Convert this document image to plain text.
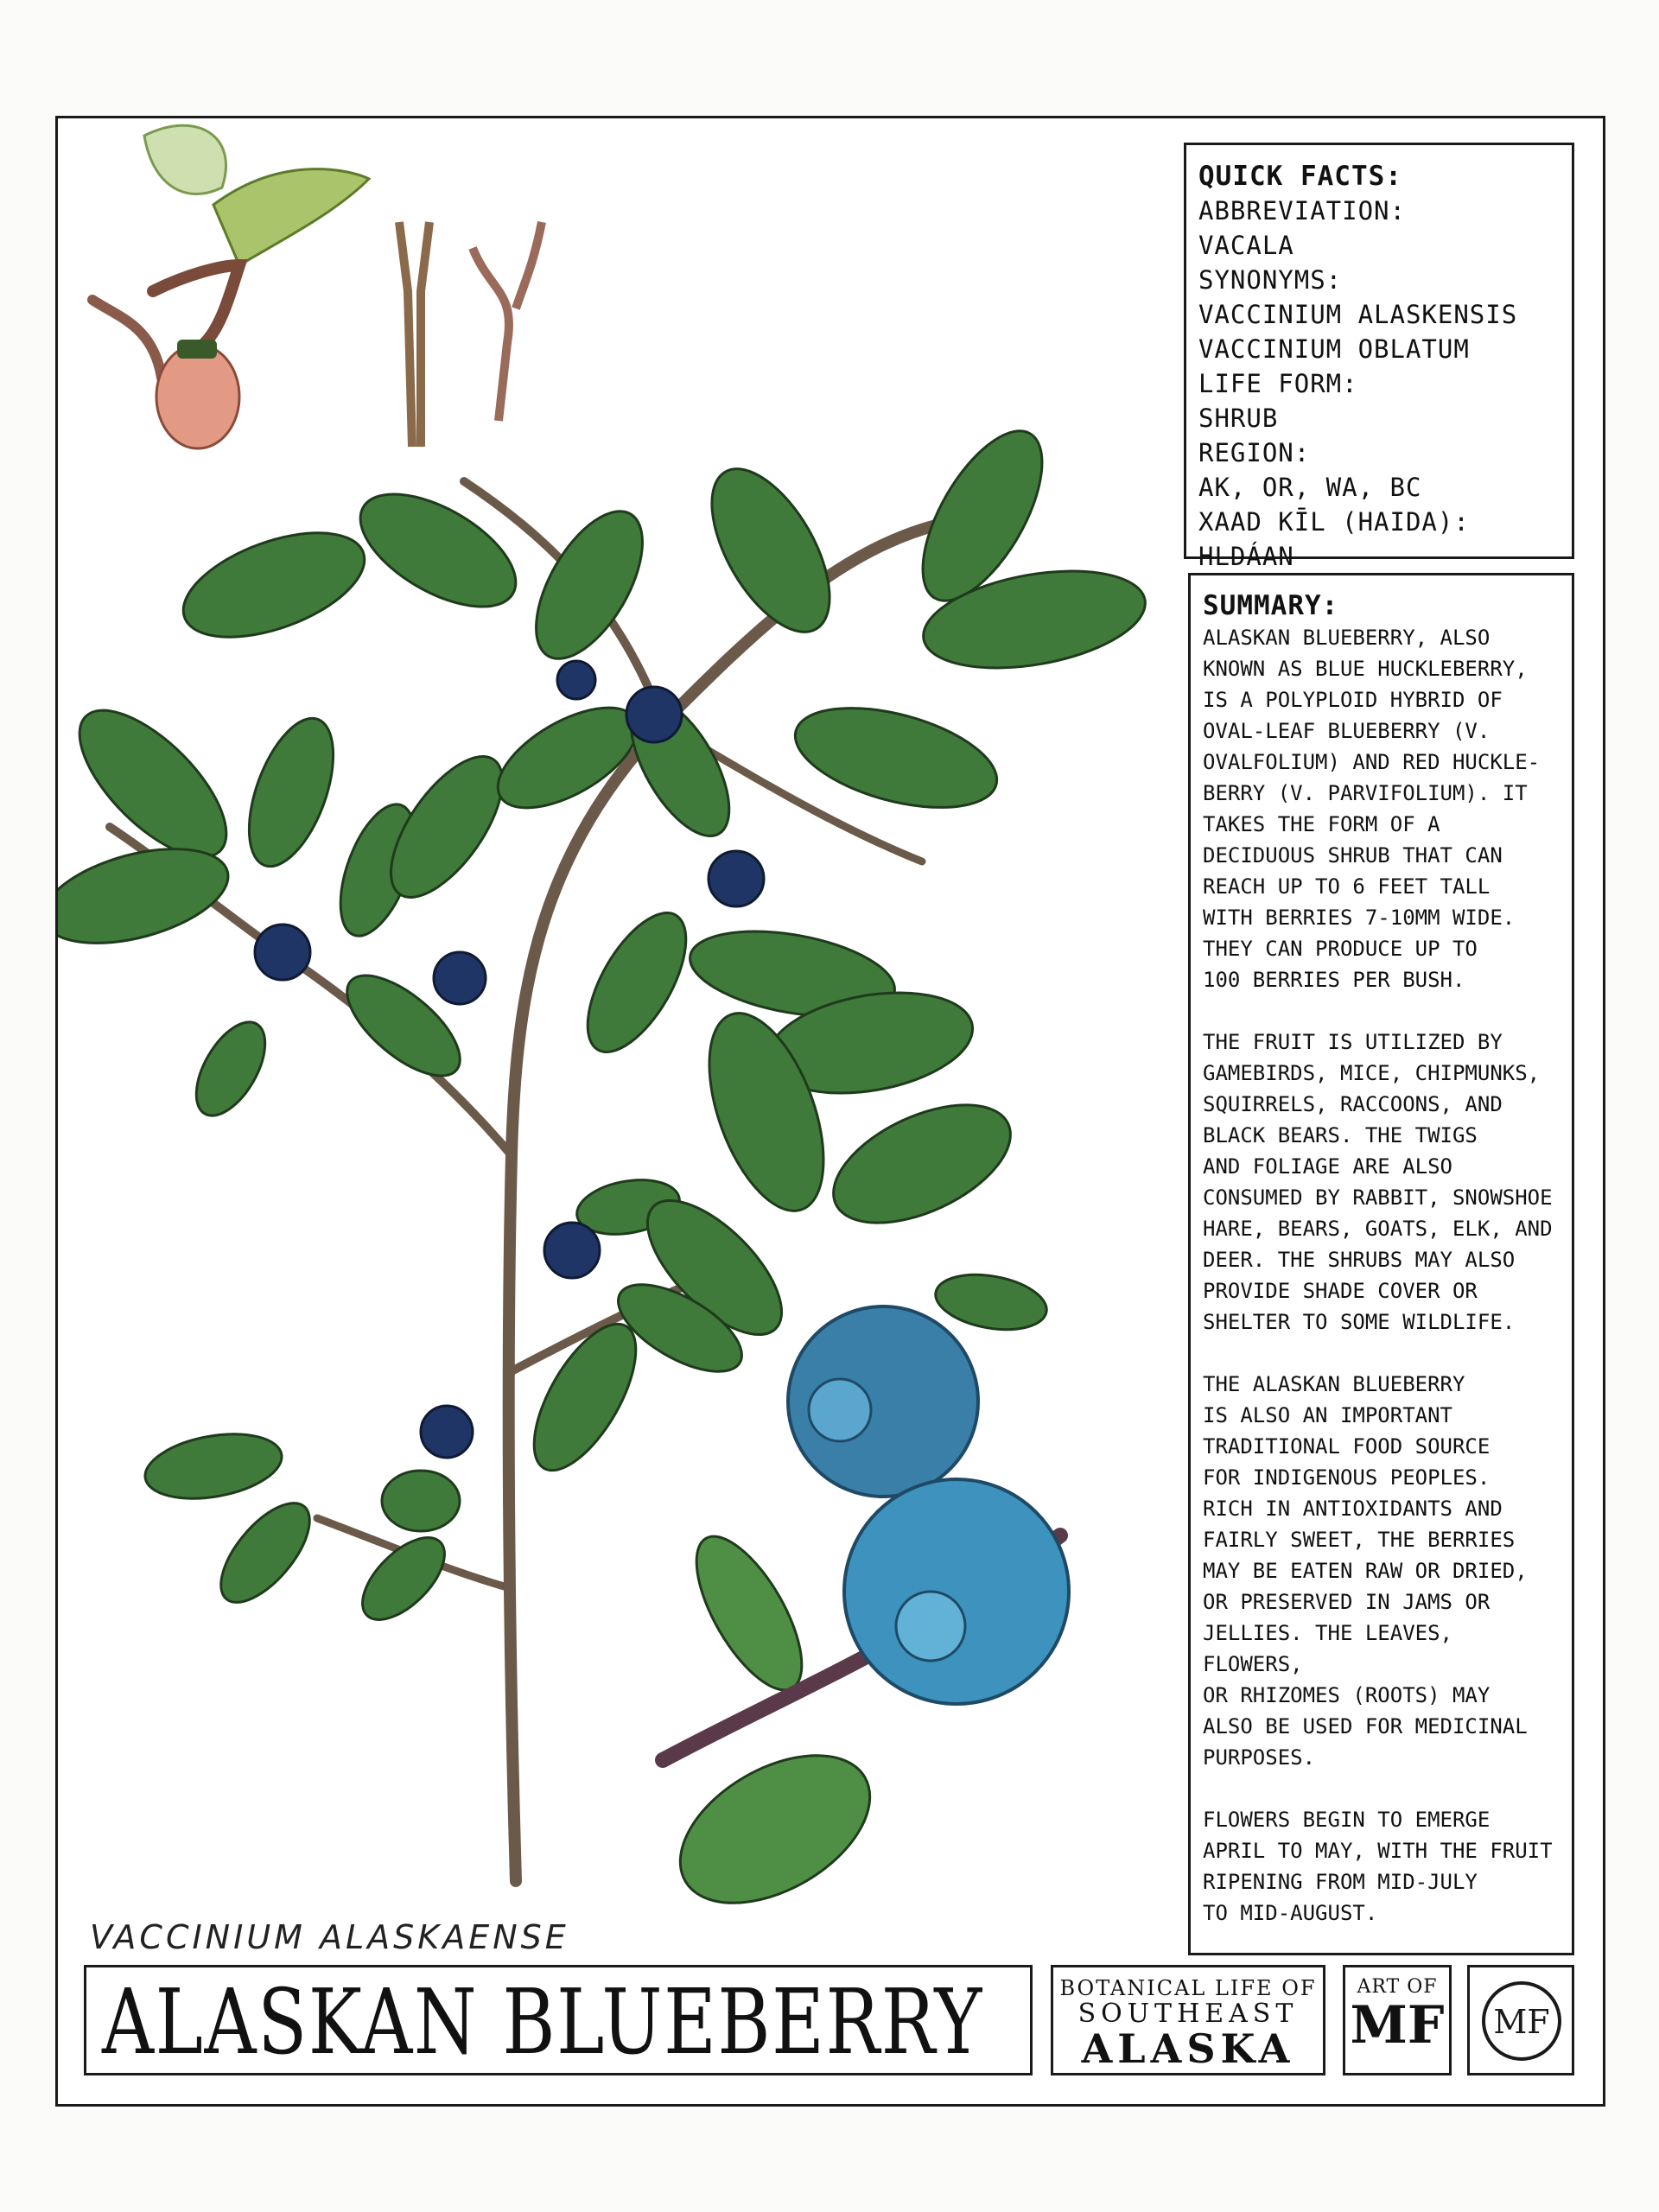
QUICK FACTS:
ABBREVIATION:
VACALA
SYNONYMS:
VACCINIUM ALASKENSIS
VACCINIUM OBLATUM
LIFE FORM:
SHRUB
REGION:
AK, OR, WA, BC
XAAD KĪL (HAIDA):
HLDÁAN
SUMMARY:

ALASKAN BLUEBERRY, ALSO
KNOWN AS BLUE HUCKLEBERRY,
IS A POLYPLOID HYBRID OF
OVAL-LEAF BLUEBERRY (V.
OVALFOLIUM) AND RED HUCKLE-
BERRY (V. PARVIFOLIUM). IT
TAKES THE FORM OF A
DECIDUOUS SHRUB THAT CAN
REACH UP TO 6 FEET TALL
WITH BERRIES 7-10MM WIDE.
THEY CAN PRODUCE UP TO
100 BERRIES PER BUSH.

THE FRUIT IS UTILIZED BY
GAMEBIRDS, MICE, CHIPMUNKS,
SQUIRRELS, RACCOONS, AND
BLACK BEARS. THE TWIGS
AND FOLIAGE ARE ALSO
CONSUMED BY RABBIT, SNOWSHOE
HARE, BEARS, GOATS, ELK, AND
DEER. THE SHRUBS MAY ALSO
PROVIDE SHADE COVER OR
SHELTER TO SOME WILDLIFE.

THE ALASKAN BLUEBERRY
IS ALSO AN IMPORTANT
TRADITIONAL FOOD SOURCE
FOR INDIGENOUS PEOPLES.
RICH IN ANTIOXIDANTS AND
FAIRLY SWEET, THE BERRIES
MAY BE EATEN RAW OR DRIED,
OR PRESERVED IN JAMS OR
JELLIES. THE LEAVES, FLOWERS,
OR RHIZOMES (ROOTS) MAY
ALSO BE USED FOR MEDICINAL
PURPOSES.

FLOWERS BEGIN TO EMERGE
APRIL TO MAY, WITH THE FRUIT
RIPENING FROM MID-JULY
TO MID-AUGUST.

VACCINIUM ALASKAENSE
ALASKAN BLUEBERRY	BOTANICAL LIFE OF
SOUTHEAST
ALASKA
ART OF
MF MF
